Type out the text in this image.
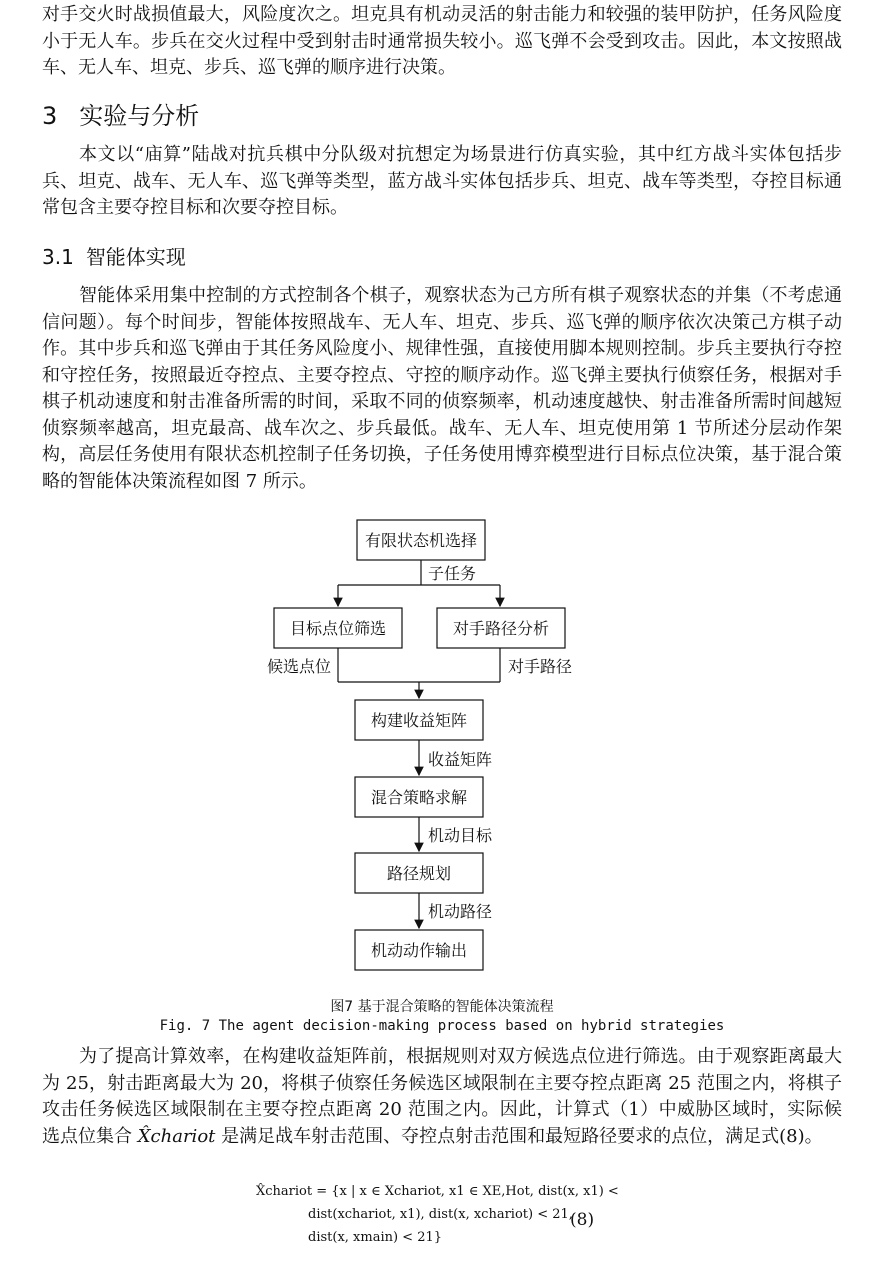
对手交火时战损值最大，风险度次之。坦克具有机动灵活的射击能力和较强的装甲防护，任务风险度小于无人车。步兵在交火过程中受到射击时通常损失较小。巡飞弹不会受到攻击。因此，本文按照战车、无人车、坦克、步兵、巡飞弹的顺序进行决策。

3 实验与分析

本文以“庙算”陆战对抗兵棋中分队级对抗想定为场景进行仿真实验，其中红方战斗实体包括步兵、坦克、战车、无人车、巡飞弹等类型，蓝方战斗实体包括步兵、坦克、战车等类型，夺控目标通常包含主要夺控目标和次要夺控目标。

3.1 智能体实现

智能体采用集中控制的方式控制各个棋子，观察状态为己方所有棋子观察状态的并集（不考虑通信问题）。每个时间步，智能体按照战车、无人车、坦克、步兵、巡飞弹的顺序依次决策己方棋子动作。其中步兵和巡飞弹由于其任务风险度小、规律性强，直接使用脚本规则控制。步兵主要执行夺控和守控任务，按照最近夺控点、主要夺控点、守控的顺序动作。巡飞弹主要执行侦察任务，根据对手棋子机动速度和射击准备所需的时间，采取不同的侦察频率，机动速度越快、射击准备所需时间越短侦察频率越高，坦克最高、战车次之、步兵最低。战车、无人车、坦克使用第 1 节所述分层动作架构，高层任务使用有限状态机控制子任务切换，子任务使用博弈模型进行目标点位决策，基于混合策略的智能体决策流程如图 7 所示。

有限状态机选择
目标点位筛选	对手路径分析
构建收益矩阵
混合策略求解
路径规划
机动动作输出
子任务
候选点位	对手路径
收益矩阵
机动目标
机动路径

图7 基于混合策略的智能体决策流程

Fig. 7 The agent decision-making process based on hybrid strategies

为了提高计算效率，在构建收益矩阵前，根据规则对双方候选点位进行筛选。由于观察距离最大为 25，射击距离最大为 20，将棋子侦察任务候选区域限制在主要夺控点距离 25 范围之内，将棋子攻击任务候选区域限制在主要夺控点距离 20 范围之内。因此，计算式（1）中威胁区域时，实际候选点位集合 X̂chariot 是满足战车射击范围、夺控点射击范围和最短路径要求的点位，满足式(8)。

X̂chariot = {x | x ∈ Xchariot, x1 ∈ XE,Hot, dist(x, x1) <
dist(xchariot, x1), dist(x, xchariot) < 21,
dist(x, xmain) < 21}
(8)
